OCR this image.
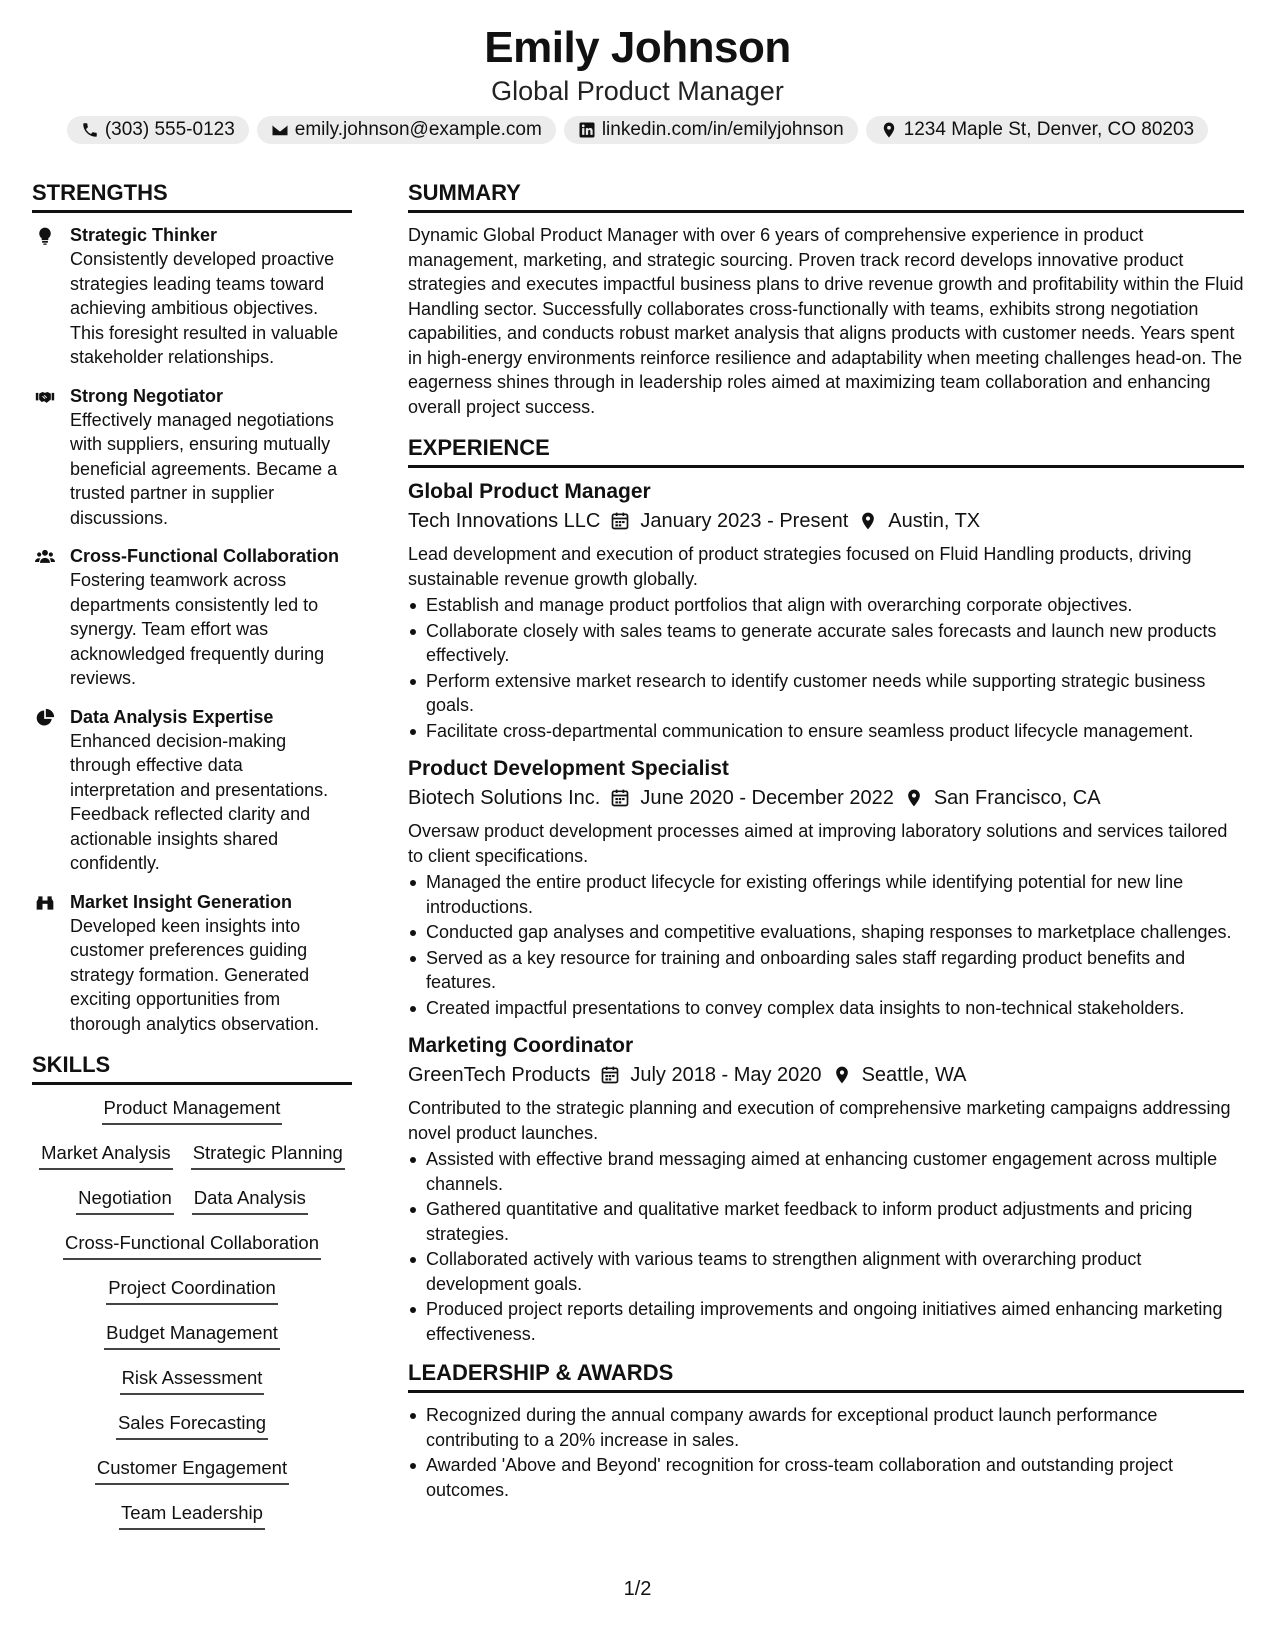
Emily Johnson
Global Product Manager
(303) 555-0123	emily.johnson@example.com	linkedin.com/in/emilyjohnson	1234 Maple St, Denver, CO 80203
STRENGTHS
Strategic Thinker
Consistently developed proactive strategies leading teams toward achieving ambitious objectives. This foresight resulted in valuable stakeholder relationships.
Strong Negotiator
Effectively managed negotiations with suppliers, ensuring mutually beneficial agreements. Became a trusted partner in supplier discussions.
Cross-Functional Collaboration
Fostering teamwork across departments consistently led to synergy. Team effort was acknowledged frequently during reviews.
Data Analysis Expertise
Enhanced decision-making through effective data interpretation and presentations. Feedback reflected clarity and actionable insights shared confidently.
Market Insight Generation
Developed keen insights into customer preferences guiding strategy formation. Generated exciting opportunities from thorough analytics observation.
SKILLS
Product Management
Market Analysis Strategic Planning
Negotiation Data Analysis
Cross-Functional Collaboration
Project Coordination
Budget Management
Risk Assessment
Sales Forecasting
Customer Engagement
Team Leadership
SUMMARY
Dynamic Global Product Manager with over 6 years of comprehensive experience in product management, marketing, and strategic sourcing. Proven track record develops innovative product strategies and executes impactful business plans to drive revenue growth and profitability within the Fluid Handling sector. Successfully collaborates cross-functionally with teams, exhibits strong negotiation capabilities, and conducts robust market analysis that aligns products with customer needs. Years spent in high-energy environments reinforce resilience and adaptability when meeting challenges head-on. The eagerness shines through in leadership roles aimed at maximizing team collaboration and enhancing overall project success.
EXPERIENCE
Global Product Manager
Tech Innovations LLC January 2023 - Present Austin, TX
Lead development and execution of product strategies focused on Fluid Handling products, driving sustainable revenue growth globally.
Establish and manage product portfolios that align with overarching corporate objectives.
Collaborate closely with sales teams to generate accurate sales forecasts and launch new products effectively.
Perform extensive market research to identify customer needs while supporting strategic business goals.
Facilitate cross-departmental communication to ensure seamless product lifecycle management.
Product Development Specialist
Biotech Solutions Inc. June 2020 - December 2022 San Francisco, CA
Oversaw product development processes aimed at improving laboratory solutions and services tailored to client specifications.
Managed the entire product lifecycle for existing offerings while identifying potential for new line introductions.
Conducted gap analyses and competitive evaluations, shaping responses to marketplace challenges.
Served as a key resource for training and onboarding sales staff regarding product benefits and features.
Created impactful presentations to convey complex data insights to non-technical stakeholders.
Marketing Coordinator
GreenTech Products July 2018 - May 2020 Seattle, WA
Contributed to the strategic planning and execution of comprehensive marketing campaigns addressing novel product launches.
Assisted with effective brand messaging aimed at enhancing customer engagement across multiple channels.
Gathered quantitative and qualitative market feedback to inform product adjustments and pricing strategies.
Collaborated actively with various teams to strengthen alignment with overarching product development goals.
Produced project reports detailing improvements and ongoing initiatives aimed enhancing marketing effectiveness.
LEADERSHIP & AWARDS
Recognized during the annual company awards for exceptional product launch performance contributing to a 20% increase in sales.
Awarded 'Above and Beyond' recognition for cross-team collaboration and outstanding project outcomes.
1/2
